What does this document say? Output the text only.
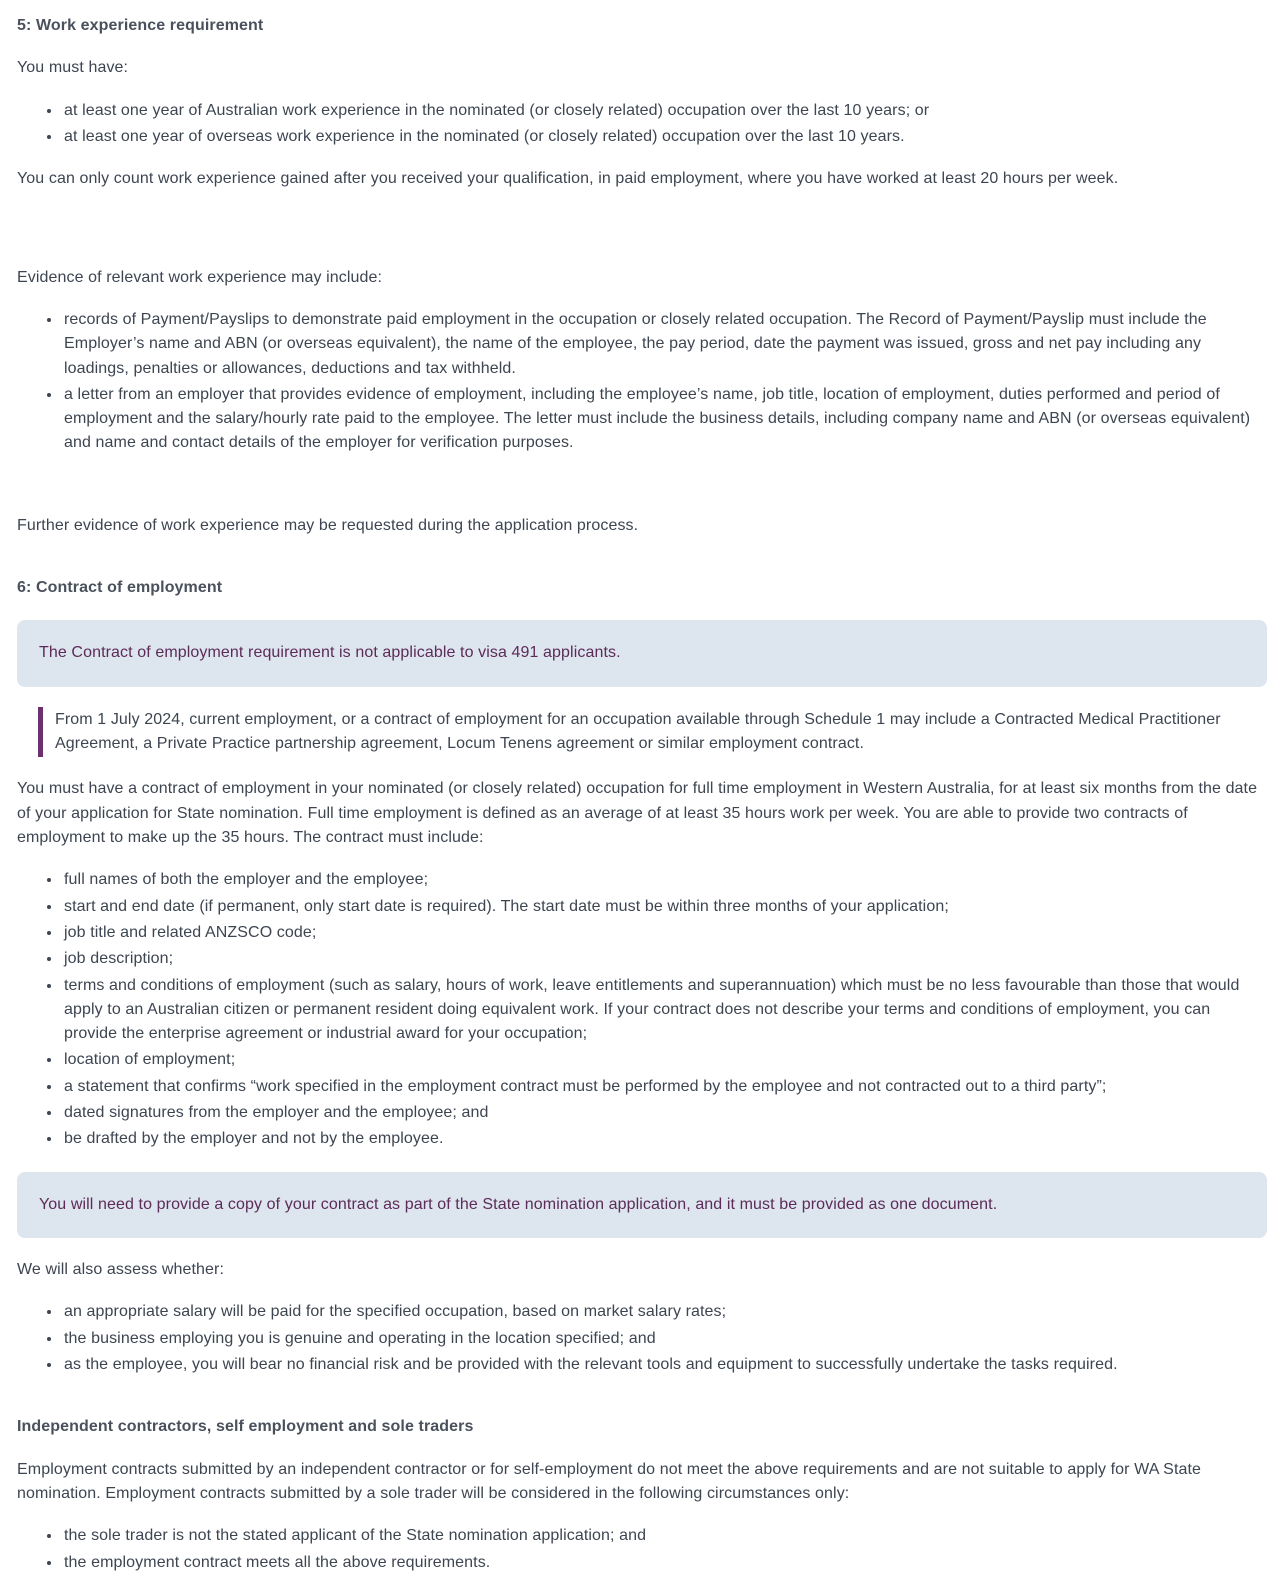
5: Work experience requirement

You must have:

• at least one year of Australian work experience in the nominated (or closely related) occupation over the last 10 years; or
• at least one year of overseas work experience in the nominated (or closely related) occupation over the last 10 years.

You can only count work experience gained after you received your qualification, in paid employment, where you have worked at least 20 hours per week.

Evidence of relevant work experience may include:

• records of Payment/Payslips to demonstrate paid employment in the occupation or closely related occupation. The Record of Payment/Payslip must include the Employer’s name and ABN (or overseas equivalent), the name of the employee, the pay period, date the payment was issued, gross and net pay including any loadings, penalties or allowances, deductions and tax withheld.
• a letter from an employer that provides evidence of employment, including the employee’s name, job title, location of employment, duties performed and period of employment and the salary/hourly rate paid to the employee. The letter must include the business details, including company name and ABN (or overseas equivalent) and name and contact details of the employer for verification purposes.

Further evidence of work experience may be requested during the application process.

6: Contract of employment
The Contract of employment requirement is not applicable to visa 491 applicants.
From 1 July 2024, current employment, or a contract of employment for an occupation available through Schedule 1 may include a Contracted Medical Practitioner Agreement, a Private Practice partnership agreement, Locum Tenens agreement or similar employment contract.

You must have a contract of employment in your nominated (or closely related) occupation for full time employment in Western Australia, for at least six months from the date of your application for State nomination. Full time employment is defined as an average of at least 35 hours work per week. You are able to provide two contracts of employment to make up the 35 hours. The contract must include:

• full names of both the employer and the employee;
• start and end date (if permanent, only start date is required). The start date must be within three months of your application;
• job title and related ANZSCO code;
• job description;
• terms and conditions of employment (such as salary, hours of work, leave entitlements and superannuation) which must be no less favourable than those that would apply to an Australian citizen or permanent resident doing equivalent work. If your contract does not describe your terms and conditions of employment, you can provide the enterprise agreement or industrial award for your occupation;
• location of employment;
• a statement that confirms “work specified in the employment contract must be performed by the employee and not contracted out to a third party”;
• dated signatures from the employer and the employee; and
• be drafted by the employer and not by the employee.
You will need to provide a copy of your contract as part of the State nomination application, and it must be provided as one document.

We will also assess whether:

• an appropriate salary will be paid for the specified occupation, based on market salary rates;
• the business employing you is genuine and operating in the location specified; and
• as the employee, you will bear no financial risk and be provided with the relevant tools and equipment to successfully undertake the tasks required.
Independent contractors, self employment and sole traders

Employment contracts submitted by an independent contractor or for self-employment do not meet the above requirements and are not suitable to apply for WA State nomination. Employment contracts submitted by a sole trader will be considered in the following circumstances only:

• the sole trader is not the stated applicant of the State nomination application; and
• the employment contract meets all the above requirements.
